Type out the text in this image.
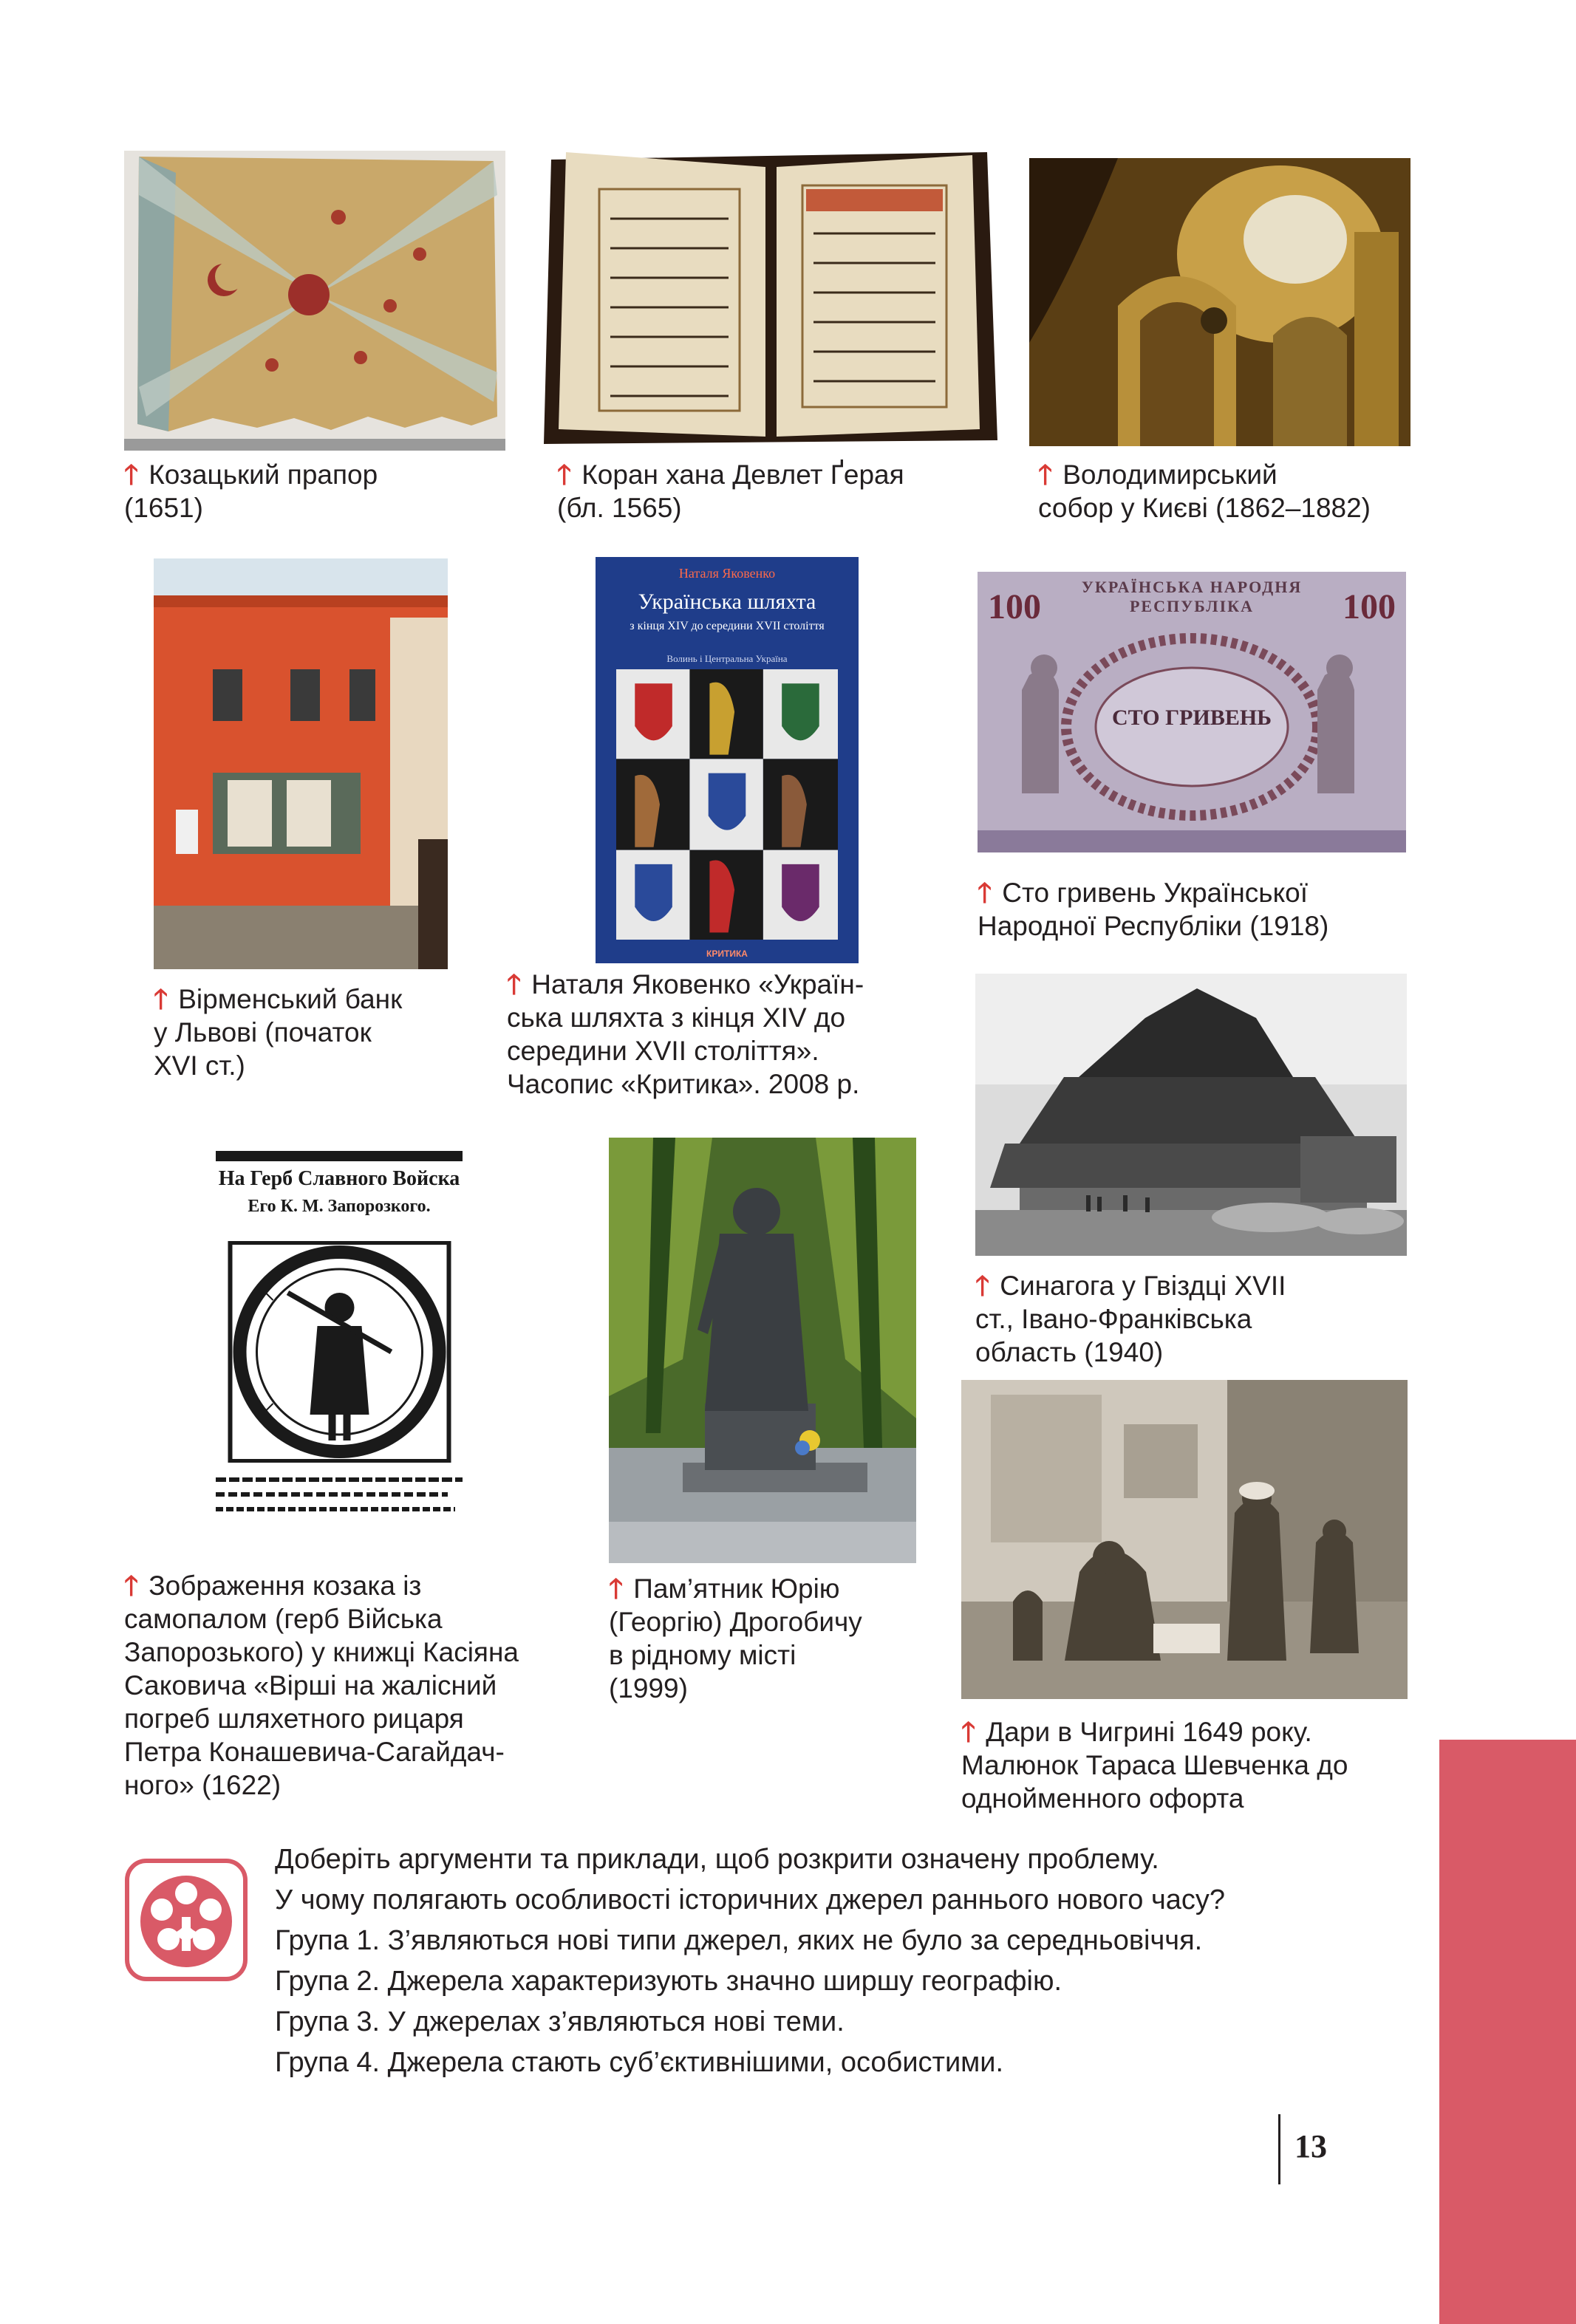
Наталя Яковенко
Українська шляхта
з кінця XIV до середини XVII століття
Волинь і Центральна Україна
КРИТИКА
УКРАЇНСЬКА НАРОДНЯ РЕСПУБЛІКА
100	100
СТО ГРИВЕНЬ
На Герб Славного Войска
Его К. М. Запорозкого.
🡑 Козацький прапор
(1651)
🡑 Коран хана Девлет Ґерая
(бл. 1565)
🡑 Володимирський
собор у Києві (1862–1882)
🡑 Сто гривень Української
Народної Республіки (1918)
🡑 Вірменський банк
у Львові (початок
XVI ст.)
🡑 Наталя Яковенко «Україн-
ська шляхта з кінця XIV до
середини XVII століття».
Часопис «Критика». 2008 р.
🡑 Синагога у Гвіздці XVII
ст., Івано-Франківська
область (1940)
🡑 Зображення козака із
самопалом (герб Війська
Запорозького) у книжці Касіяна
Саковича «Вірші на жалісний
погреб шляхетного рицаря
Петра Конашевича-Сагайдач-
ного» (1622)
🡑 Пам’ятник Юрію
(Георгію) Дрогобичу
в рідному місті
(1999)
🡑 Дари в Чигрині 1649 року.
Малюнок Тараса Шевченка до
однойменного офорта
Доберіть аргументи та приклади, щоб розкрити означену проблему.
У чому полягають особливості історичних джерел раннього нового часу?
Група 1. З’являються нові типи джерел, яких не було за середньовіччя.
Група 2. Джерела характеризують значно ширшу географію.
Група 3. У джерелах з’являються нові теми.
Група 4. Джерела стають суб’єктивнішими, особистими.
13
